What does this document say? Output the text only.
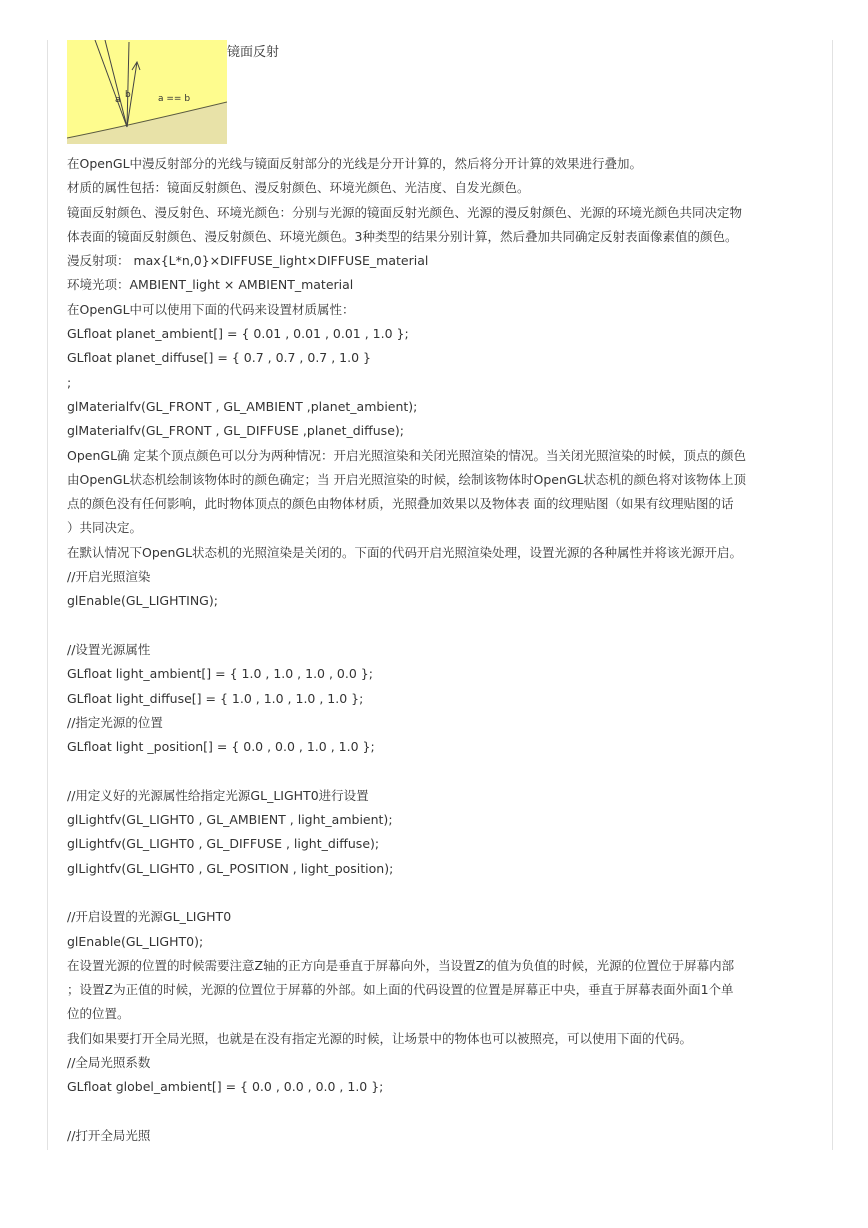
a b	a == b
镜面反射
在OpenGL中漫反射部分的光线与镜面反射部分的光线是分开计算的，然后将分开计算的效果进行叠加。
材质的属性包括：镜面反射颜色、漫反射颜色、环境光颜色、光洁度、自发光颜色。
镜面反射颜色、漫反射色、环境光颜色：分别与光源的镜面反射光颜色、光源的漫反射颜色、光源的环境光颜色共同决定物
体表面的镜面反射颜色、漫反射颜色、环境光颜色。3种类型的结果分别计算，然后叠加共同确定反射表面像素值的颜色。
漫反射项： max{L*n,0}×DIFFUSE_light×DIFFUSE_material
环境光项：AMBIENT_light × AMBIENT_material
在OpenGL中可以使用下面的代码来设置材质属性：
GLfloat planet_ambient[] = { 0.01 , 0.01 , 0.01 , 1.0 };
GLfloat planet_diffuse[] = { 0.7 , 0.7 , 0.7 , 1.0 }
;
glMaterialfv(GL_FRONT , GL_AMBIENT ,planet_ambient);
glMaterialfv(GL_FRONT , GL_DIFFUSE ,planet_diffuse);
OpenGL确 定某个顶点颜色可以分为两种情况：开启光照渲染和关闭光照渲染的情况。当关闭光照渲染的时候，顶点的颜色
由OpenGL状态机绘制该物体时的颜色确定；当 开启光照渲染的时候，绘制该物体时OpenGL状态机的颜色将对该物体上顶
点的颜色没有任何影响，此时物体顶点的颜色由物体材质，光照叠加效果以及物体表 面的纹理贴图（如果有纹理贴图的话
）共同决定。
在默认情况下OpenGL状态机的光照渲染是关闭的。下面的代码开启光照渲染处理，设置光源的各种属性并将该光源开启。
//开启光照渲染
glEnable(GL_LIGHTING);
//设置光源属性
GLfloat light_ambient[] = { 1.0 , 1.0 , 1.0 , 0.0 };
GLfloat light_diffuse[] = { 1.0 , 1.0 , 1.0 , 1.0 };
//指定光源的位置
GLfloat light _position[] = { 0.0 , 0.0 , 1.0 , 1.0 };
//用定义好的光源属性给指定光源GL_LIGHT0进行设置
glLightfv(GL_LIGHT0 , GL_AMBIENT , light_ambient);
glLightfv(GL_LIGHT0 , GL_DIFFUSE , light_diffuse);
glLightfv(GL_LIGHT0 , GL_POSITION , light_position);
//开启设置的光源GL_LIGHT0
glEnable(GL_LIGHT0);
在设置光源的位置的时候需要注意Z轴的正方向是垂直于屏幕向外，当设置Z的值为负值的时候，光源的位置位于屏幕内部
；设置Z为正值的时候，光源的位置位于屏幕的外部。如上面的代码设置的位置是屏幕正中央，垂直于屏幕表面外面1个单
位的位置。
我们如果要打开全局光照，也就是在没有指定光源的时候，让场景中的物体也可以被照亮，可以使用下面的代码。
//全局光照系数
GLfloat globel_ambient[] = { 0.0 , 0.0 , 0.0 , 1.0 };
//打开全局光照
